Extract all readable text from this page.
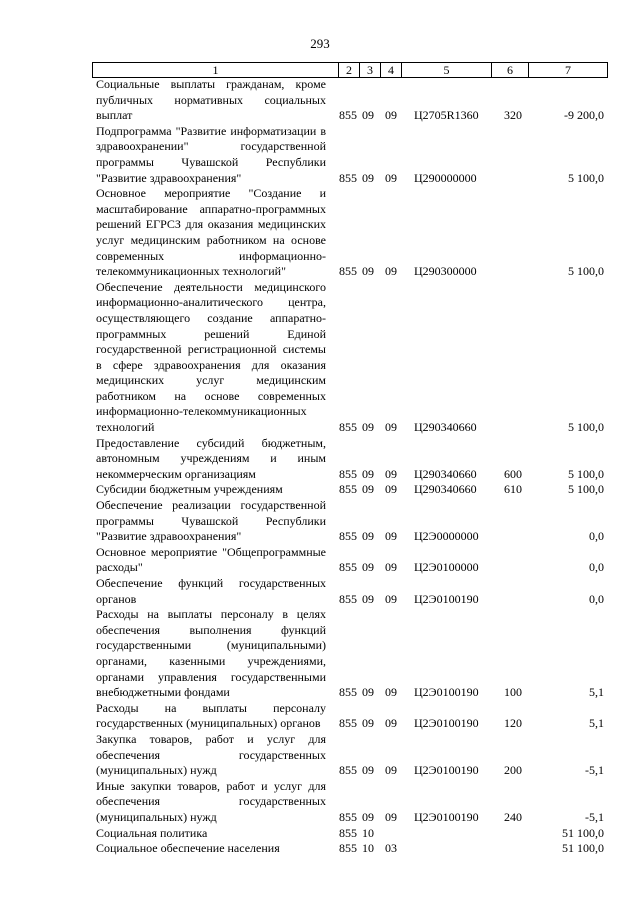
293
1	2	3	4	5	6	7
Социальные выплаты гражданам, кроме публичных нормативных социальных выплат	855 09 09 Ц2705R1360 320	-9 200,0
Подпрограмма "Развитие информатизации в здравоохранении" государственной программы Чувашской Республики "Развитие здравоохранения"	855 09 09 Ц290000000	5 100,0
Основное мероприятие "Создание и масштабирование аппаратно-программных решений ЕГРСЗ для оказания медицинских услуг медицинским работником на основе современных информационно-телекоммуникационных технологий"	855 09 09 Ц290300000	5 100,0
Обеспечение деятельности медицинского информационно-аналитического центра, осуществляющего создание аппаратно-программных решений Единой государственной регистрационной системы в сфере здравоохранения для оказания медицинских услуг медицинским работником на основе современных информационно-телекоммуникационных технологий	855 09 09 Ц290340660	5 100,0
Предоставление субсидий бюджетным, автономным учреждениям и иным некоммерческим организациям	855 09 09 Ц290340660 600	5 100,0
Субсидии бюджетным учреждениям	855 09 09 Ц290340660 610	5 100,0
Обеспечение реализации государственной программы Чувашской Республики "Развитие здравоохранения"	855 09 09 Ц2Э0000000	0,0
Основное мероприятие "Общепрограммные расходы"	855 09 09 Ц2Э0100000	0,0
Обеспечение функций государственных органов	855 09 09 Ц2Э0100190	0,0
Расходы на выплаты персоналу в целях обеспечения выполнения функций государственными (муниципальными) органами, казенными учреждениями, органами управления государственными внебюджетными фондами	855 09 09 Ц2Э0100190 100	5,1
Расходы на выплаты персоналу государственных (муниципальных) органов	855 09 09 Ц2Э0100190 120	5,1
Закупка товаров, работ и услуг для обеспечения государственных (муниципальных) нужд	855 09 09 Ц2Э0100190 200	-5,1
Иные закупки товаров, работ и услуг для обеспечения государственных (муниципальных) нужд	855 09 09 Ц2Э0100190 240	-5,1
Социальная политика	855 10	51 100,0
Социальное обеспечение населения	855 10 03	51 100,0
